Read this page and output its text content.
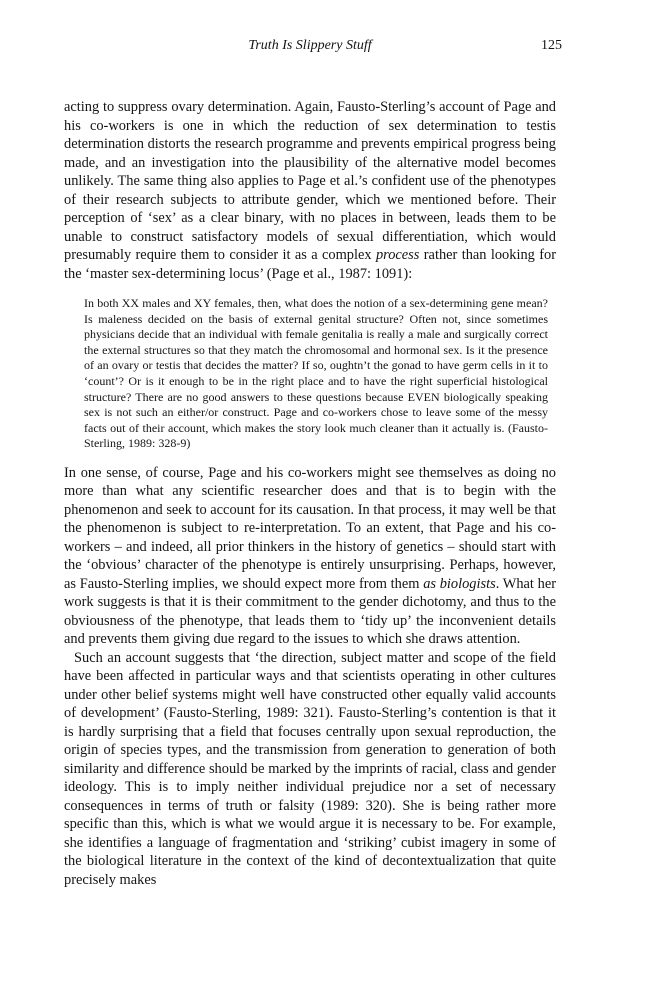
Truth Is Slippery Stuff	125

acting to suppress ovary determination. Again, Fausto-Sterling’s account of Page and his co-workers is one in which the reduction of sex determination to testis determination distorts the research programme and prevents empirical progress being made, and an investigation into the plausibility of the alternative model becomes unlikely. The same thing also applies to Page et al.’s confident use of the phenotypes of their research subjects to attribute gender, which we mentioned before. Their perception of ‘sex’ as a clear binary, with no places in between, leads them to be unable to construct satisfactory models of sexual differentiation, which would presumably require them to consider it as a complex process rather than looking for the ‘master sex-determining locus’ (Page et al., 1987: 1091):

In both XX males and XY females, then, what does the notion of a sex-determining gene mean? Is maleness decided on the basis of external genital structure? Often not, since sometimes physicians decide that an individual with female genitalia is really a male and surgically correct the external structures so that they match the chromosomal and hormonal sex. Is it the presence of an ovary or testis that decides the matter? If so, oughtn’t the gonad to have germ cells in it to ‘count’? Or is it enough to be in the right place and to have the right superficial histological structure? There are no good answers to these questions because EVEN biologically speaking sex is not such an either/or construct. Page and co-workers chose to leave some of the messy facts out of their account, which makes the story look much cleaner than it actually is. (Fausto-Sterling, 1989: 328-9)

In one sense, of course, Page and his co-workers might see themselves as doing no more than what any scientific researcher does and that is to begin with the phenomenon and seek to account for its causation. In that process, it may well be that the phenomenon is subject to re-interpretation. To an extent, that Page and his co-workers – and indeed, all prior thinkers in the history of genetics – should start with the ‘obvious’ character of the phenotype is entirely unsurprising. Perhaps, however, as Fausto-Sterling implies, we should expect more from them as biologists. What her work suggests is that it is their commitment to the gender dichotomy, and thus to the obviousness of the phenotype, that leads them to ‘tidy up’ the inconvenient details and prevents them giving due regard to the issues to which she draws attention.

Such an account suggests that ‘the direction, subject matter and scope of the field have been affected in particular ways and that scientists operating in other cultures under other belief systems might well have constructed other equally valid accounts of development’ (Fausto-Sterling, 1989: 321). Fausto-Sterling’s contention is that it is hardly surprising that a field that focuses centrally upon sexual reproduction, the origin of species types, and the transmission from generation to generation of both similarity and difference should be marked by the imprints of racial, class and gender ideology. This is to imply neither individual prejudice nor a set of necessary consequences in terms of truth or falsity (1989: 320). She is being rather more specific than this, which is what we would argue it is necessary to be. For example, she identifies a language of fragmentation and ‘striking’ cubist imagery in some of the biological literature in the context of the kind of decontextualization that quite precisely makes
